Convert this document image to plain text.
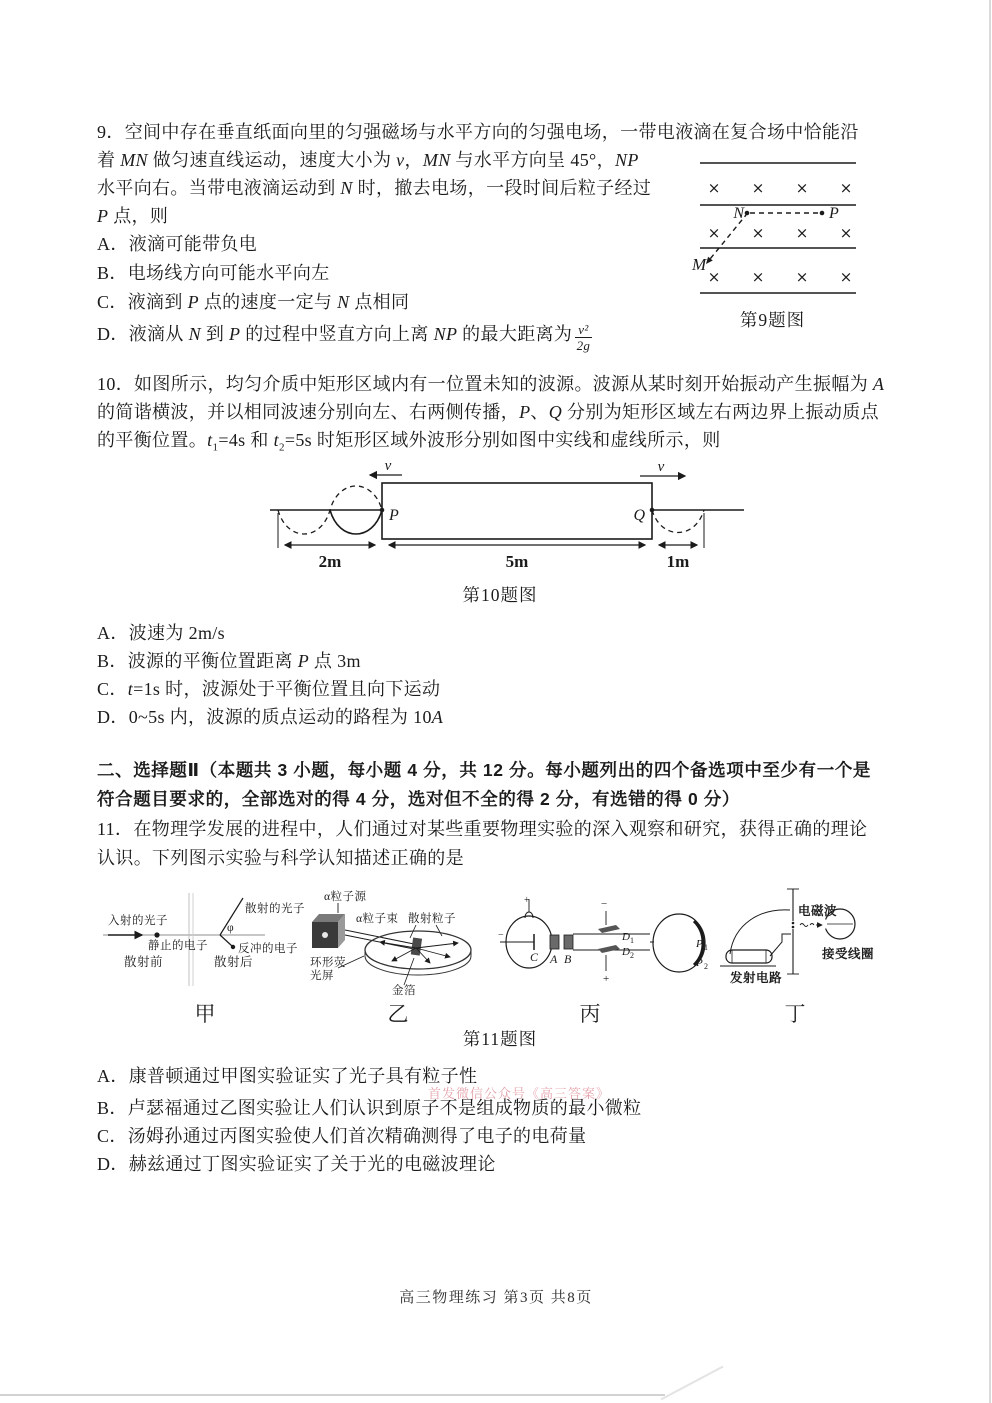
9．空间中存在垂直纸面向里的匀强磁场与水平方向的匀强电场，一带电液滴在复合场中恰能沿
着 MN 做匀速直线运动，速度大小为 v，MN 与水平方向呈 45°，NP
水平向右。当带电液滴运动到 N 时，撤去电场，一段时间后粒子经过
P 点，则
A．液滴可能带负电
B．电场线方向可能水平向左
C．液滴到 P 点的速度一定与 N 点相同
D．液滴从 N 到 P 的过程中竖直方向上离 NP 的最大距离为 $\frac{\text{v²}}{2g}$
× × × ×
× × × ×
× × × ×
N	P
M
第9题图
10．如图所示，均匀介质中矩形区域内有一位置未知的波源。波源从某时刻开始振动产生振幅为 A
的简谐横波，并以相同波速分别向左、右两侧传播，P、Q 分别为矩形区域左右两边界上振动质点
的平衡位置。$t_1=4s$ 和 $t_2=5s$ 时矩形区域外波形分别如图中实线和虚线所示，则
P	Q
v	v
2m	5m	1m
第10题图
A．波速为 2m/s
B．波源的平衡位置距离 P 点 3m
C．t=1s 时，波源处于平衡位置且向下运动
D．0~5s 内，波源的质点运动的路程为 10A
二、选择题Ⅱ（本题共 3 小题，每小题 4 分，共 12 分。每小题列出的四个备选项中至少有一个是
符合题目要求的，全部选对的得 4 分，选对但不全的得 2 分，有选错的得 0 分）
11．在物理学发展的进程中，人们通过对某些重要物理实验的深入观察和研究，获得正确的理论
认识。下列图示实验与科学认知描述正确的是
φ
入射的光子
静止的电子
散射前
散射的光子
反冲的电子
散射后
α粒子源
α粒子束 散射粒子
环形荧
光屏
金箔
+
−
−
+
C A B
D 1
D 2
P 1
P 2
电磁波
接受线圈
发射电路
甲	乙	丙	丁
第11题图
A．康普顿通过甲图实验证实了光子具有粒子性
B．卢瑟福通过乙图实验让人们认识到原子不是组成物质的最小微粒
C．汤姆孙通过丙图实验使人们首次精确测得了电子的电荷量
D．赫兹通过丁图实验证实了关于光的电磁波理论
首发微信公众号《高三答案》
高三物理练习 第3页 共8页
